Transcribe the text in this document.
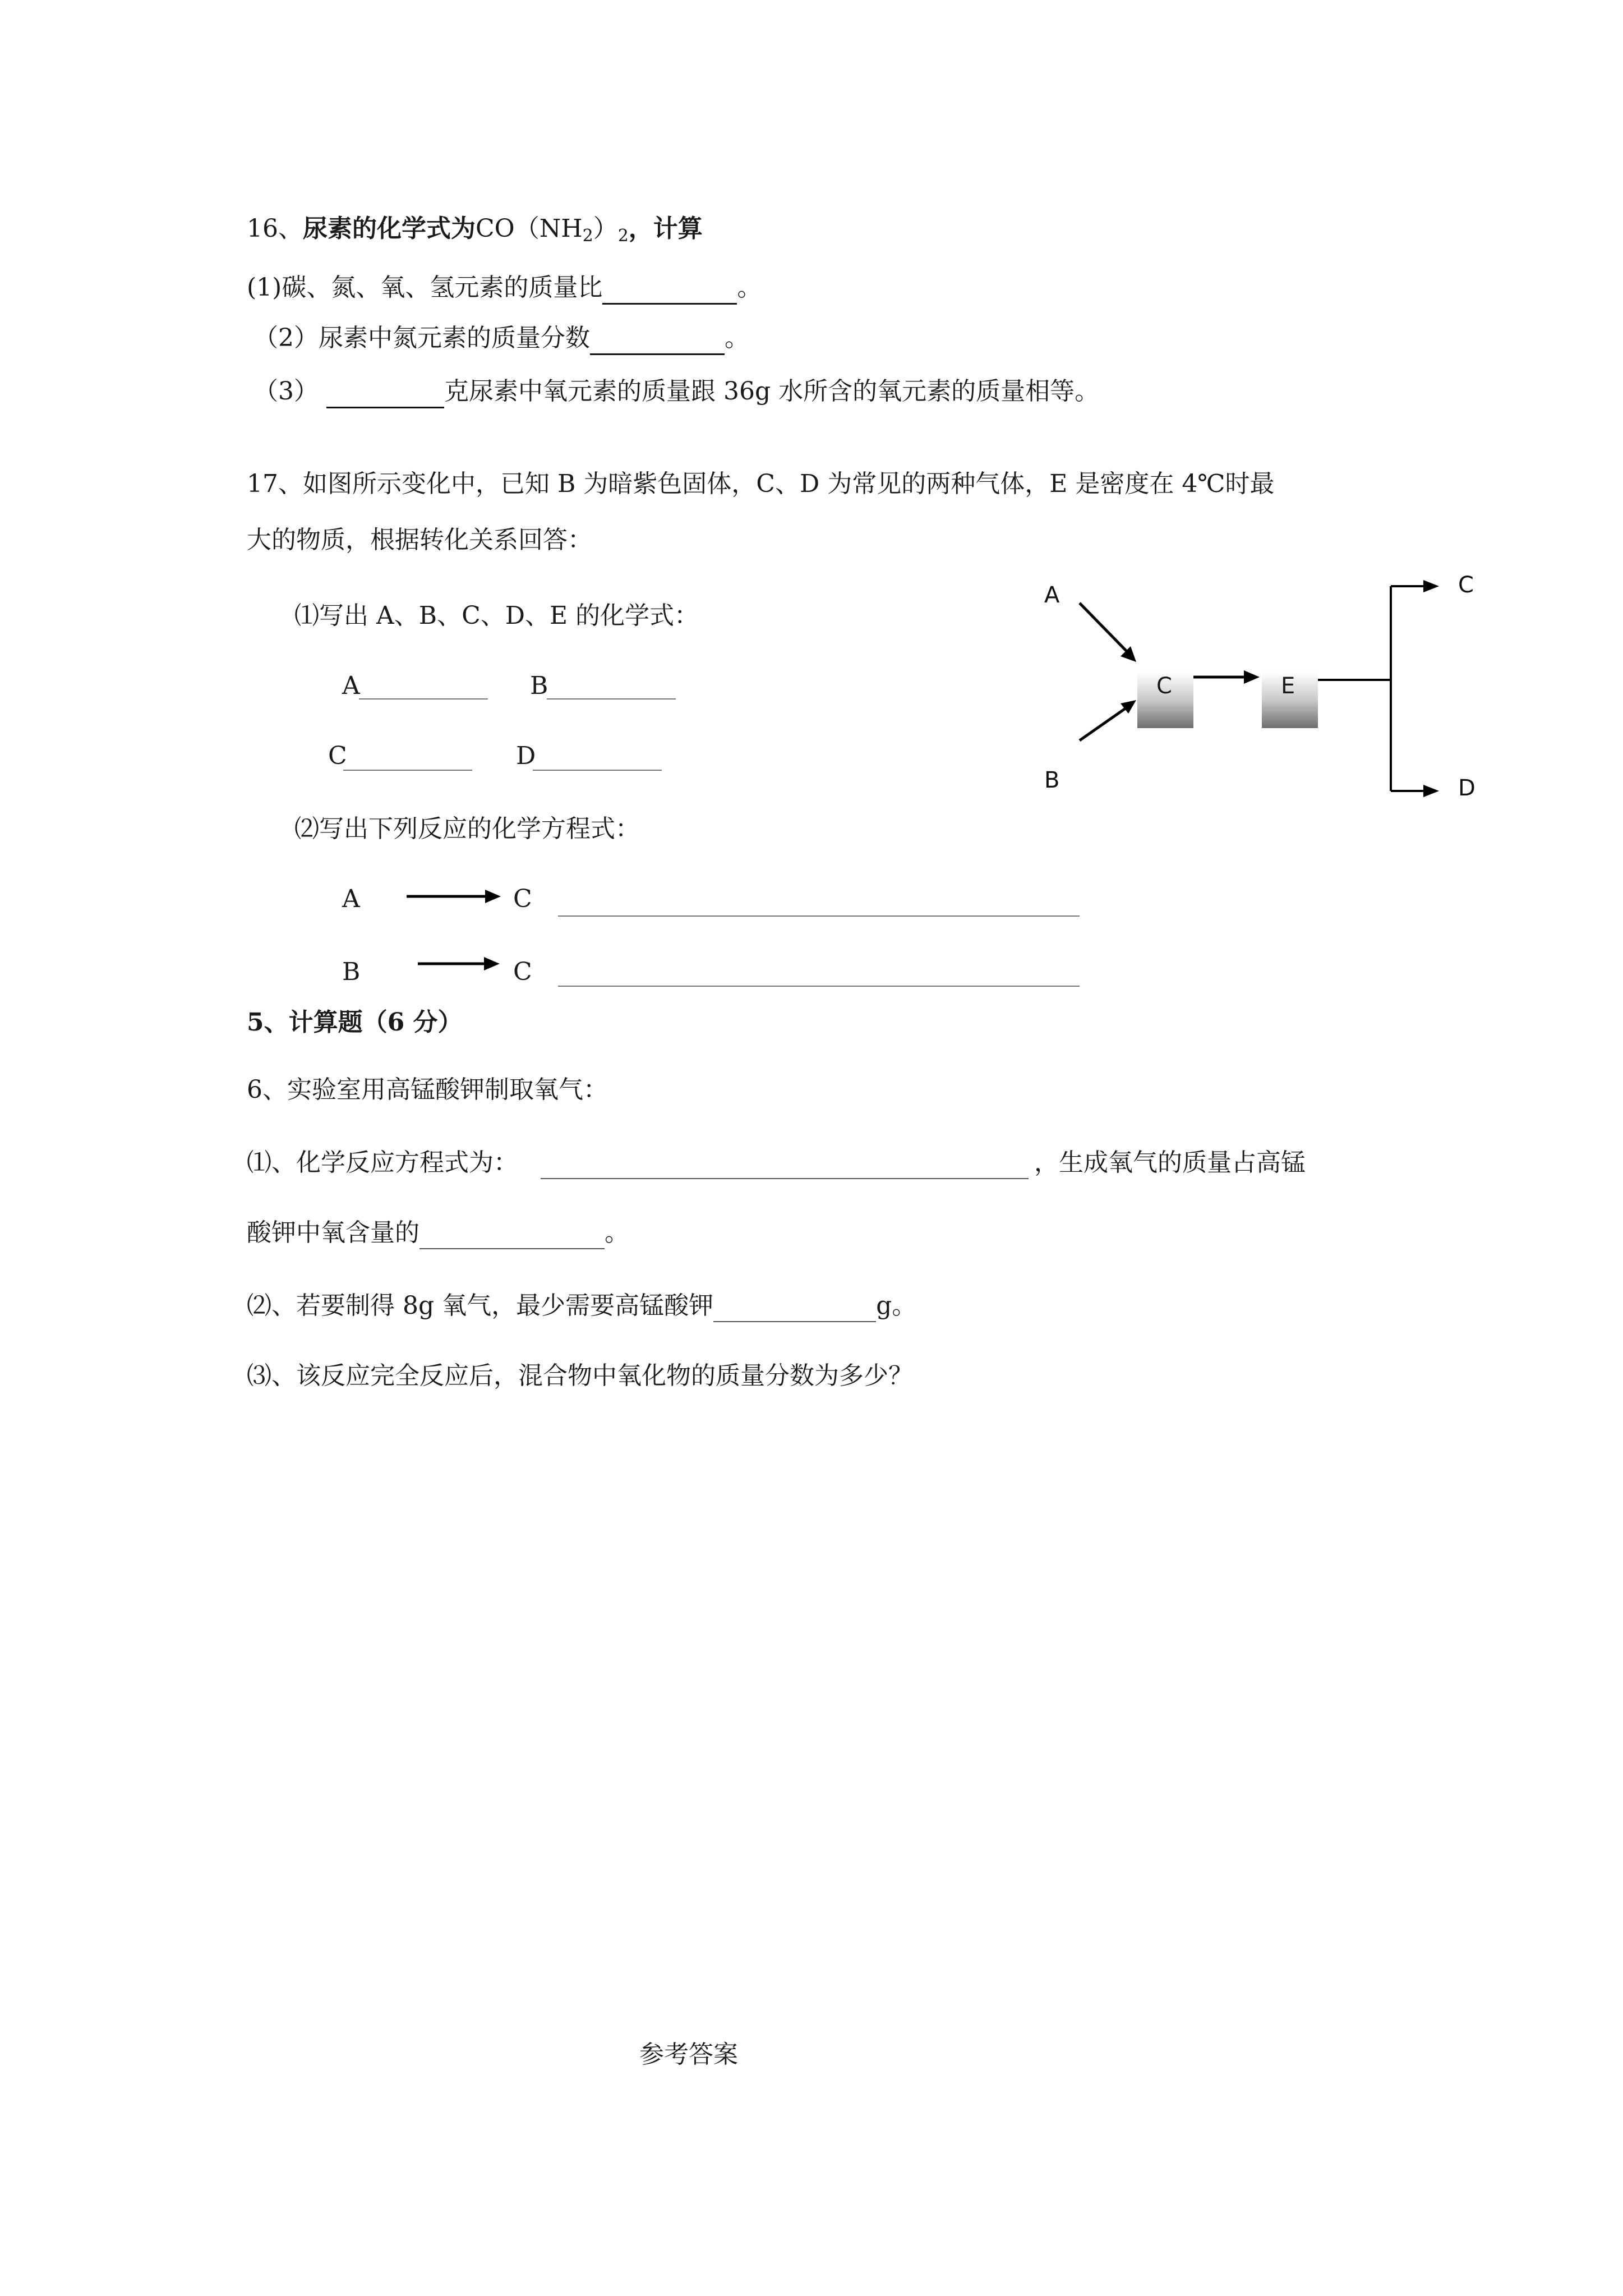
16、尿素的化学式为$CO(NH_2)_2$，计算
(1)碳、氮、氧、氢元素的质量比	。
（2）尿素中氮元素的质量分数	。
（3）	克尿素中氧元素的质量跟 36g 水所含的氧元素的质量相等。
17、如图所示变化中，已知 B 为暗紫色固体，C、D 为常见的两种气体，E 是密度在 4℃时最
大的物质，根据转化关系回答：
⑴写出 A、B、C、D、E 的化学式：
A	B
C	D
⑵写出下列反应的化学方程式：
A	C
B	C
A
B
C	E
C
D
5、计算题（6 分）
6、实验室用高锰酸钾制取氧气：
⑴、化学反应方程式为：	，生成氧气的质量占高锰
酸钾中氧含量的	。
⑵、若要制得 8g 氧气，最少需要高锰酸钾	g。
⑶、该反应完全反应后，混合物中氧化物的质量分数为多少？
参考答案
